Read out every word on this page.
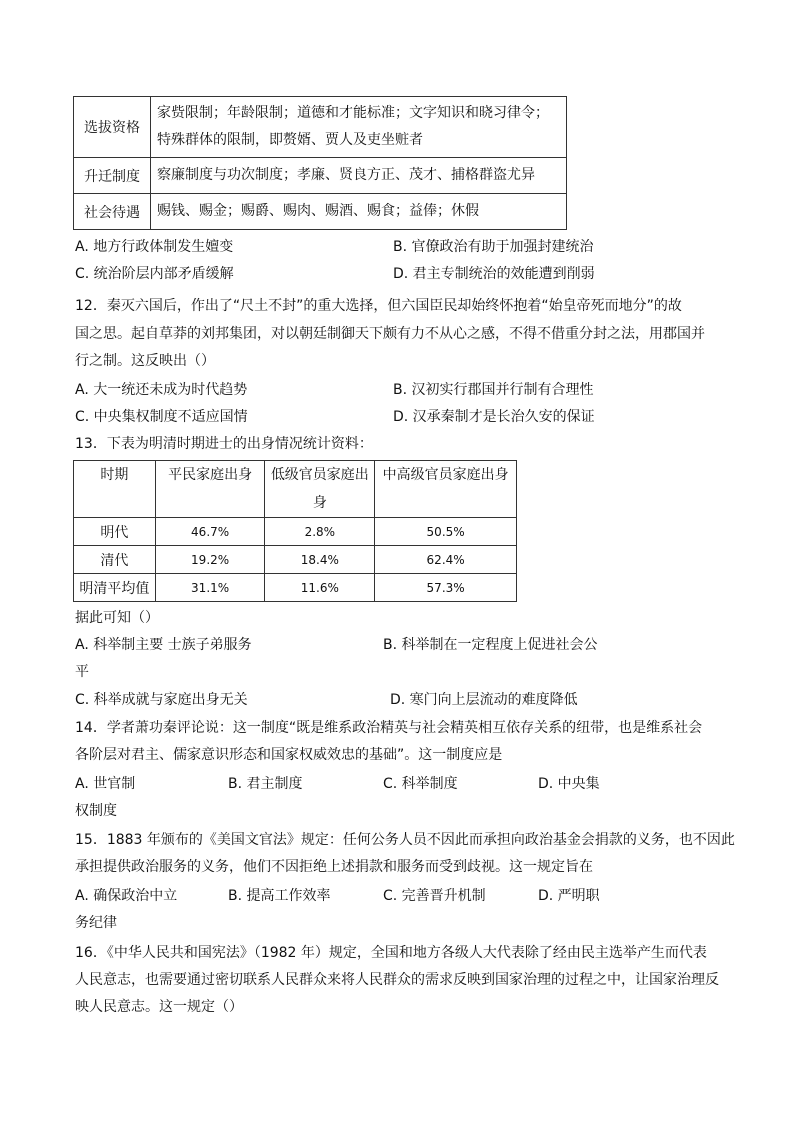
选拔资格	家赀限制；年龄限制；道德和才能标准；文字知识和晓习律令；特殊群体的限制，即赘婿、贾人及吏坐赃者
升迁制度	察廉制度与功次制度；孝廉、贤良方正、茂才、捕格群盗尤异
社会待遇	赐钱、赐金；赐爵、赐肉、赐酒、赐食；益俸；休假

A. 地方行政体制发生嬗变	B. 官僚政治有助于加强封建统治

C. 统治阶层内部矛盾缓解	D. 君主专制统治的效能遭到削弱

12．秦灭六国后，作出了“尺土不封”的重大选择，但六国臣民却始终怀抱着“始皇帝死而地分”的故

国之思。起自草莽的刘邦集团，对以朝廷制御天下颇有力不从心之感，不得不借重分封之法，用郡国并

行之制。这反映出（）

A. 大一统还未成为时代趋势	B. 汉初实行郡国并行制有合理性

C. 中央集权制度不适应国情	D. 汉承秦制才是长治久安的保证

13．下表为明清时期进士的出身情况统计资料：

时期	平民家庭出身	低级官员家庭出
身	中高级官员家庭出身
明代	46.7%	2.8%	50.5%
清代	19.2%	18.4%	62.4%
明清平均值	31.1%	11.6%	57.3%

据此可知（）

A. 科举制主要 士族子弟服务	B. 科举制在一定程度上促进社会公

平

C. 科举成就与家庭出身无关	D. 寒门向上层流动的难度降低

14．学者萧功秦评论说：这一制度“既是维系政治精英与社会精英相互依存关系的纽带，也是维系社会

各阶层对君主、儒家意识形态和国家权威效忠的基础”。这一制度应是

A. 世官制	B. 君主制度	C. 科举制度	D. 中央集

权制度

15．1883 年颁布的《美国文官法》规定：任何公务人员不因此而承担向政治基金会捐款的义务，也不因此

承担提供政治服务的义务，他们不因拒绝上述捐款和服务而受到歧视。这一规定旨在

A. 确保政治中立	B. 提高工作效率	C. 完善晋升机制	D. 严明职

务纪律

16．《中华人民共和国宪法》（1982 年）规定，全国和地方各级人大代表除了经由民主选举产生而代表

人民意志，也需要通过密切联系人民群众来将人民群众的需求反映到国家治理的过程之中，让国家治理反

映人民意志。这一规定（）
